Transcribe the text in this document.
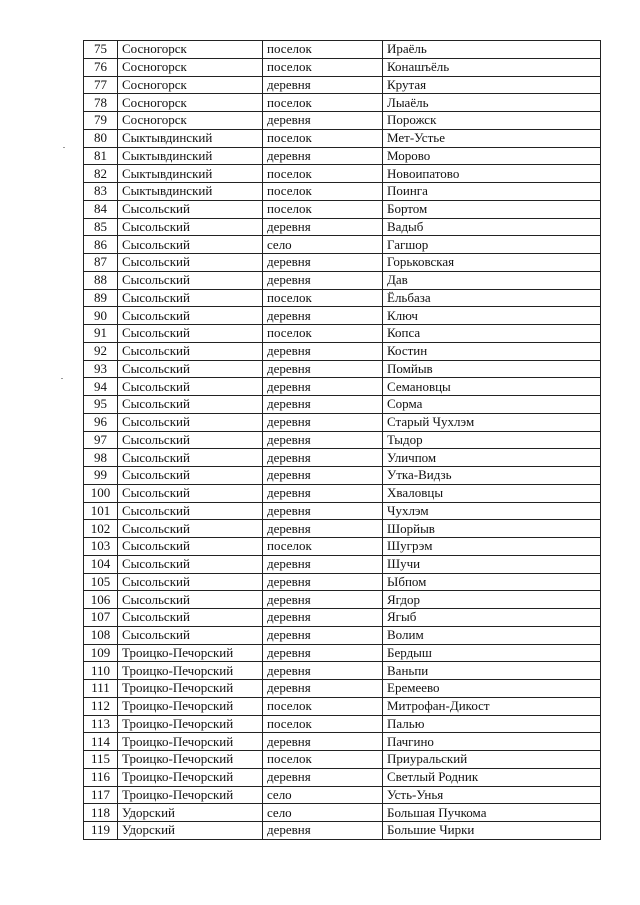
75	Сосногорск	поселок	Ираёль
76	Сосногорск	поселок	Конашъёль
77	Сосногорск	деревня	Крутая
78	Сосногорск	поселок	Лыаёль
79	Сосногорск	деревня	Порожск
80	Сыктывдинский	поселок	Мет-Устье
81	Сыктывдинский	деревня	Морово
82	Сыктывдинский	поселок	Новоипатово
83	Сыктывдинский	поселок	Поинга
84	Сысольский	поселок	Бортом
85	Сысольский	деревня	Вадыб
86	Сысольский	село	Гагшор
87	Сысольский	деревня	Горьковская
88	Сысольский	деревня	Дав
89	Сысольский	поселок	Ёльбаза
90	Сысольский	деревня	Ключ
91	Сысольский	поселок	Копса
92	Сысольский	деревня	Костин
93	Сысольский	деревня	Помйыв
94	Сысольский	деревня	Семановцы
95	Сысольский	деревня	Сорма
96	Сысольский	деревня	Старый Чухлэм
97	Сысольский	деревня	Тыдор
98	Сысольский	деревня	Уличпом
99	Сысольский	деревня	Утка-Видзь
100	Сысольский	деревня	Хваловцы
101	Сысольский	деревня	Чухлэм
102	Сысольский	деревня	Шорйыв
103	Сысольский	поселок	Шугрэм
104	Сысольский	деревня	Шучи
105	Сысольский	деревня	Ыбпом
106	Сысольский	деревня	Ягдор
107	Сысольский	деревня	Ягыб
108	Сысольский	деревня	Волим
109	Троицко-Печорский	деревня	Бердыш
110	Троицко-Печорский	деревня	Ваньпи
111	Троицко-Печорский	деревня	Еремеево
112	Троицко-Печорский	поселок	Митрофан-Дикост
113	Троицко-Печорский	поселок	Палью
114	Троицко-Печорский	деревня	Пачгино
115	Троицко-Печорский	поселок	Приуральский
116	Троицко-Печорский	деревня	Светлый Родник
117	Троицко-Печорский	село	Усть-Унья
118	Удорский	село	Большая Пучкома
119	Удорский	деревня	Большие Чирки
